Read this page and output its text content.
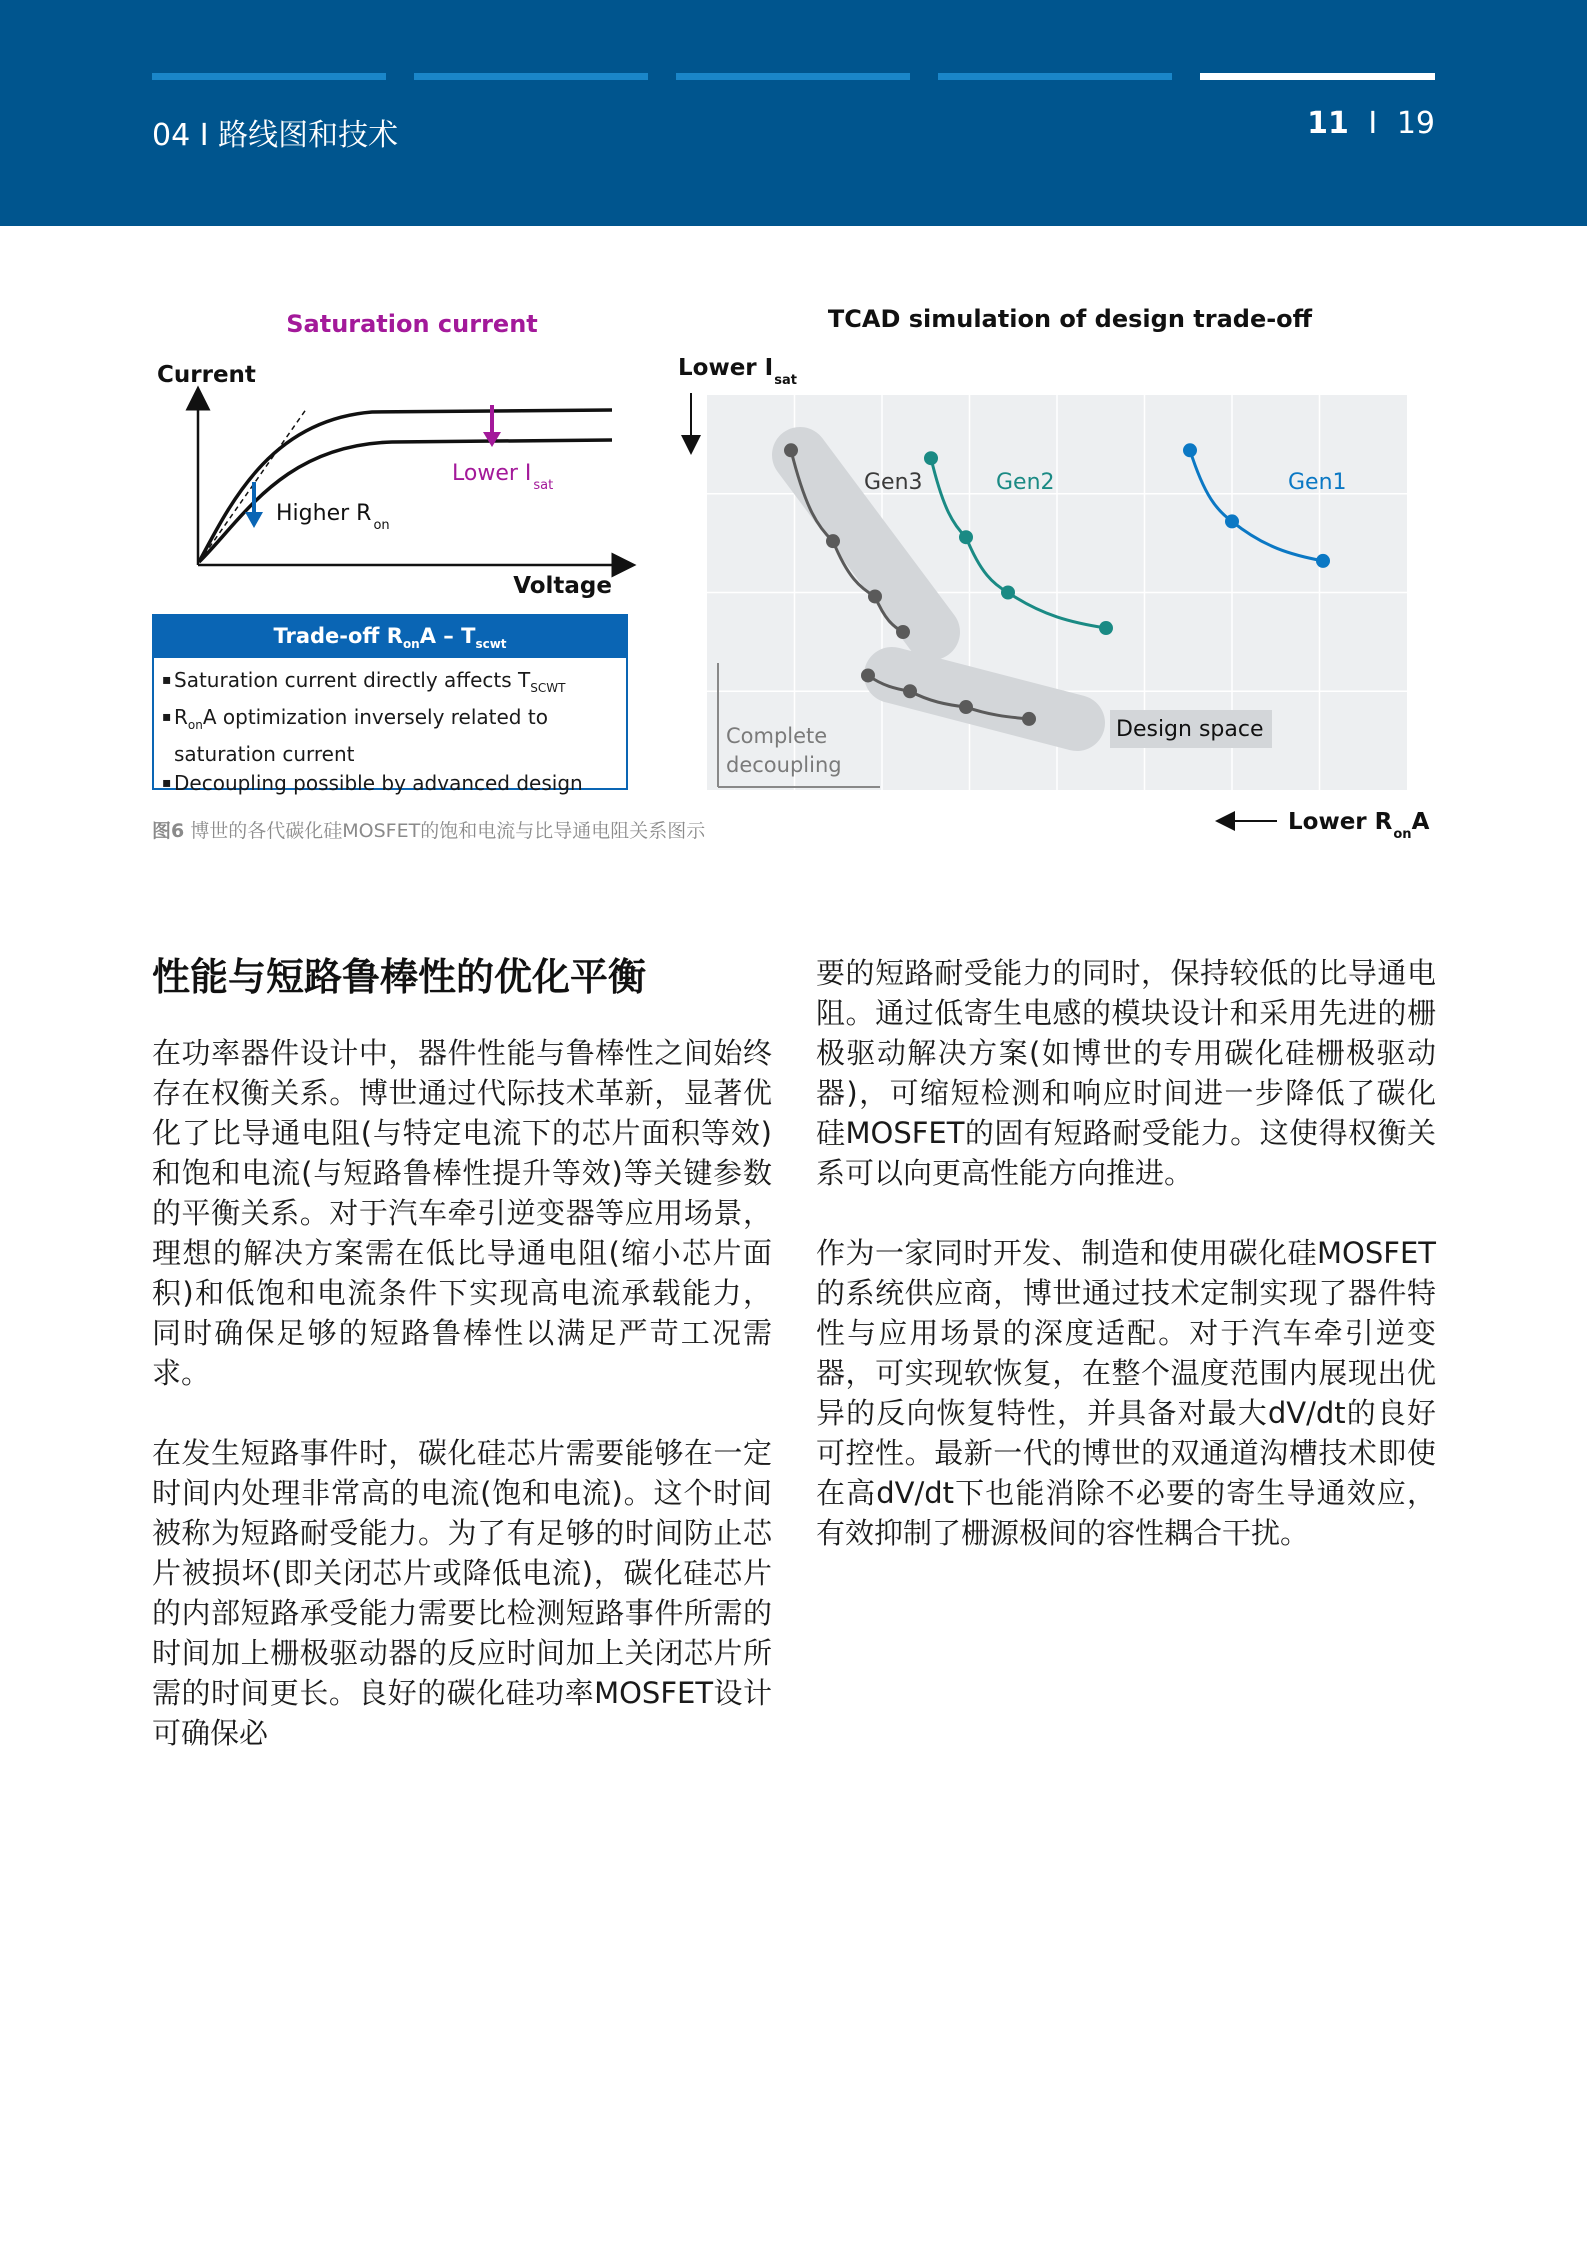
04 I 路线图和技术	11 I 19
Saturation current
Current
Voltage
Lower I $_{sat}$
Higher R $_{on}$
Trade-off $R_{on}A - T_{scwt}$
▪ Saturation current directly affects $T_{SCWT}$
▪ $R_{on}A$ optimization inversely related to saturation current
▪ Decoupling possible by advanced design
TCAD simulation of design trade-off
Lower $I_{sat}$
Gen3	Gen2	Gen1
Complete
decoupling
Design space
Lower $R_{on}A$
图6 博世的各代碳化硅MOSFET的饱和电流与比导通电阻关系图示
性能与短路鲁棒性的优化平衡

在功率器件设计中，器件性能与鲁棒性之间始终存在权衡关系。博世通过代际技术革新，显著优化了比导通电阻(与特定电流下的芯片面积等效)和饱和电流(与短路鲁棒性提升等效)等关键参数的平衡关系。对于汽车牵引逆变器等应用场景，理想的解决方案需在低比导通电阻(缩小芯片面积)和低饱和电流条件下实现高电流承载能力，同时确保足够的短路鲁棒性以满足严苛工况需求。

在发生短路事件时，碳化硅芯片需要能够在一定时间内处理非常高的电流(饱和电流)。这个时间被称为短路耐受能力。为了有足够的时间防止芯片被损坏(即关闭芯片或降低电流)，碳化硅芯片的内部短路承受能力需要比检测短路事件所需的时间加上栅极驱动器的反应时间加上关闭芯片所需的时间更长。良好的碳化硅功率MOSFET设计可确保必

要的短路耐受能力的同时，保持较低的比导通电阻。通过低寄生电感的模块设计和采用先进的栅极驱动解决方案(如博世的专用碳化硅栅极驱动器)，可缩短检测和响应时间进一步降低了碳化硅MOSFET的固有短路耐受能力。这使得权衡关系可以向更高性能方向推进。

作为一家同时开发、制造和使用碳化硅MOSFET的系统供应商，博世通过技术定制实现了器件特性与应用场景的深度适配。对于汽车牵引逆变器，可实现软恢复，在整个温度范围内展现出优异的反向恢复特性，并具备对最大dV/dt的良好可控性。最新一代的博世的双通道沟槽技术即使在高dV/dt下也能消除不必要的寄生导通效应，有效抑制了栅源极间的容性耦合干扰。
